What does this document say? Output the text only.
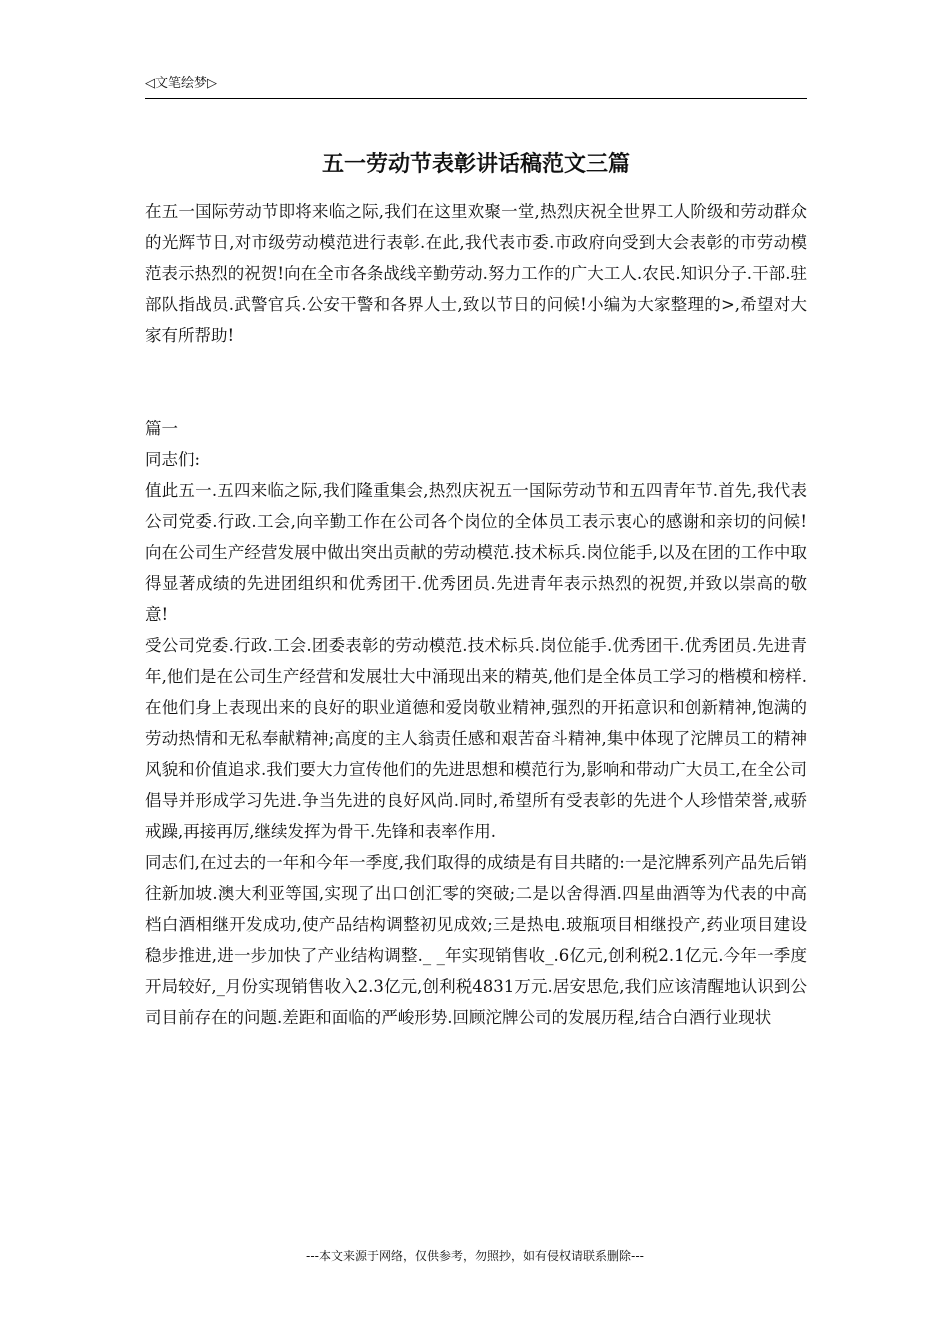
◁文笔绘梦▷
五一劳动节表彰讲话稿范文三篇

在五一国际劳动节即将来临之际,我们在这里欢聚一堂,热烈庆祝全世界工人阶级和劳动群众的光辉节日,对市级劳动模范进行表彰.在此,我代表市委.市政府向受到大会表彰的市劳动模范表示热烈的祝贺!向在全市各条战线辛勤劳动.努力工作的广大工人.农民.知识分子.干部.驻部队指战员.武警官兵.公安干警和各界人士,致以节日的问候!小编为大家整理的>,希望对大家有所帮助!

篇一

同志们:

值此五一.五四来临之际,我们隆重集会,热烈庆祝五一国际劳动节和五四青年节.首先,我代表公司党委.行政.工会,向辛勤工作在公司各个岗位的全体员工表示衷心的感谢和亲切的问候!向在公司生产经营发展中做出突出贡献的劳动模范.技术标兵.岗位能手,以及在团的工作中取得显著成绩的先进团组织和优秀团干.优秀团员.先进青年表示热烈的祝贺,并致以崇高的敬意!

受公司党委.行政.工会.团委表彰的劳动模范.技术标兵.岗位能手.优秀团干.优秀团员.先进青年,他们是在公司生产经营和发展壮大中涌现出来的精英,他们是全体员工学习的楷模和榜样.在他们身上表现出来的良好的职业道德和爱岗敬业精神,强烈的开拓意识和创新精神,饱满的劳动热情和无私奉献精神;高度的主人翁责任感和艰苦奋斗精神,集中体现了沱牌员工的精神风貌和价值追求.我们要大力宣传他们的先进思想和模范行为,影响和带动广大员工,在全公司倡导并形成学习先进.争当先进的良好风尚.同时,希望所有受表彰的先进个人珍惜荣誉,戒骄戒躁,再接再厉,继续发挥为骨干.先锋和表率作用.

同志们,在过去的一年和今年一季度,我们取得的成绩是有目共睹的:一是沱牌系列产品先后销往新加坡.澳大利亚等国,实现了出口创汇零的突破;二是以舍得酒.四星曲酒等为代表的中高档白酒相继开发成功,使产品结构调整初见成效;三是热电.玻瓶项目相继投产,药业项目建设稳步推进,进一步加快了产业结构调整._ _年实现销售收_.6亿元,创利税2.1亿元.今年一季度开局较好,_月份实现销售收入2.3亿元,创利税4831万元.居安思危,我们应该清醒地认识到公司目前存在的问题.差距和面临的严峻形势.回顾沱牌公司的发展历程,结合白酒行业现状

---本文来源于网络，仅供参考，勿照抄，如有侵权请联系删除---
